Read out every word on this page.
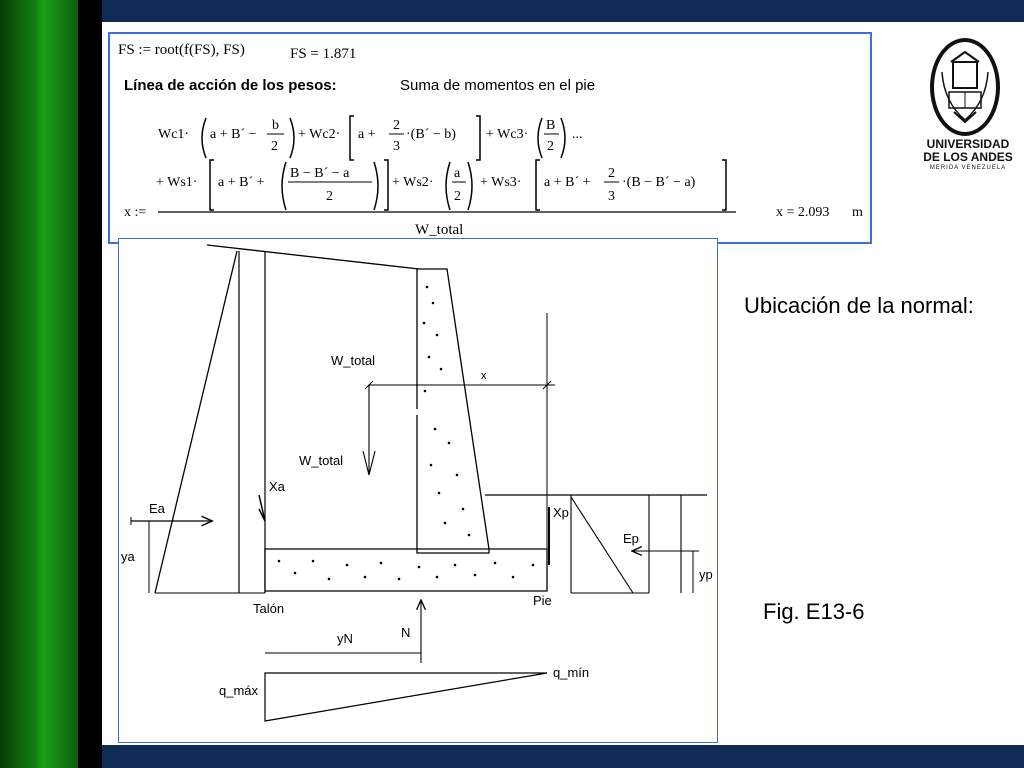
FS := root(f(FS), FS)	FS = 1.871
Línea de acción de los pesos:	Suma de momentos en el pie
Wc1· a + B´ −
b
2
+ Wc2· a +
2
3
·(B´ − b) + Wc3·
B
2
...
+ Ws1· a + B´ +
B − B´ − a
2
+ Ws2·
a
2
+ Ws3· a + B´ +
2
3
·(B − B´ − a)
x :=
W_total
x = 2.093 m
W_total
x
W_total
Ea
ya
Xa
Ep
yp
Xp
Talón
Pie
yN	N
q_máx
q_mín
UNIVERSIDAD
DE LOS ANDES
MERIDA VENEZUELA
Ubicación de la normal:
Fig. E13-6
